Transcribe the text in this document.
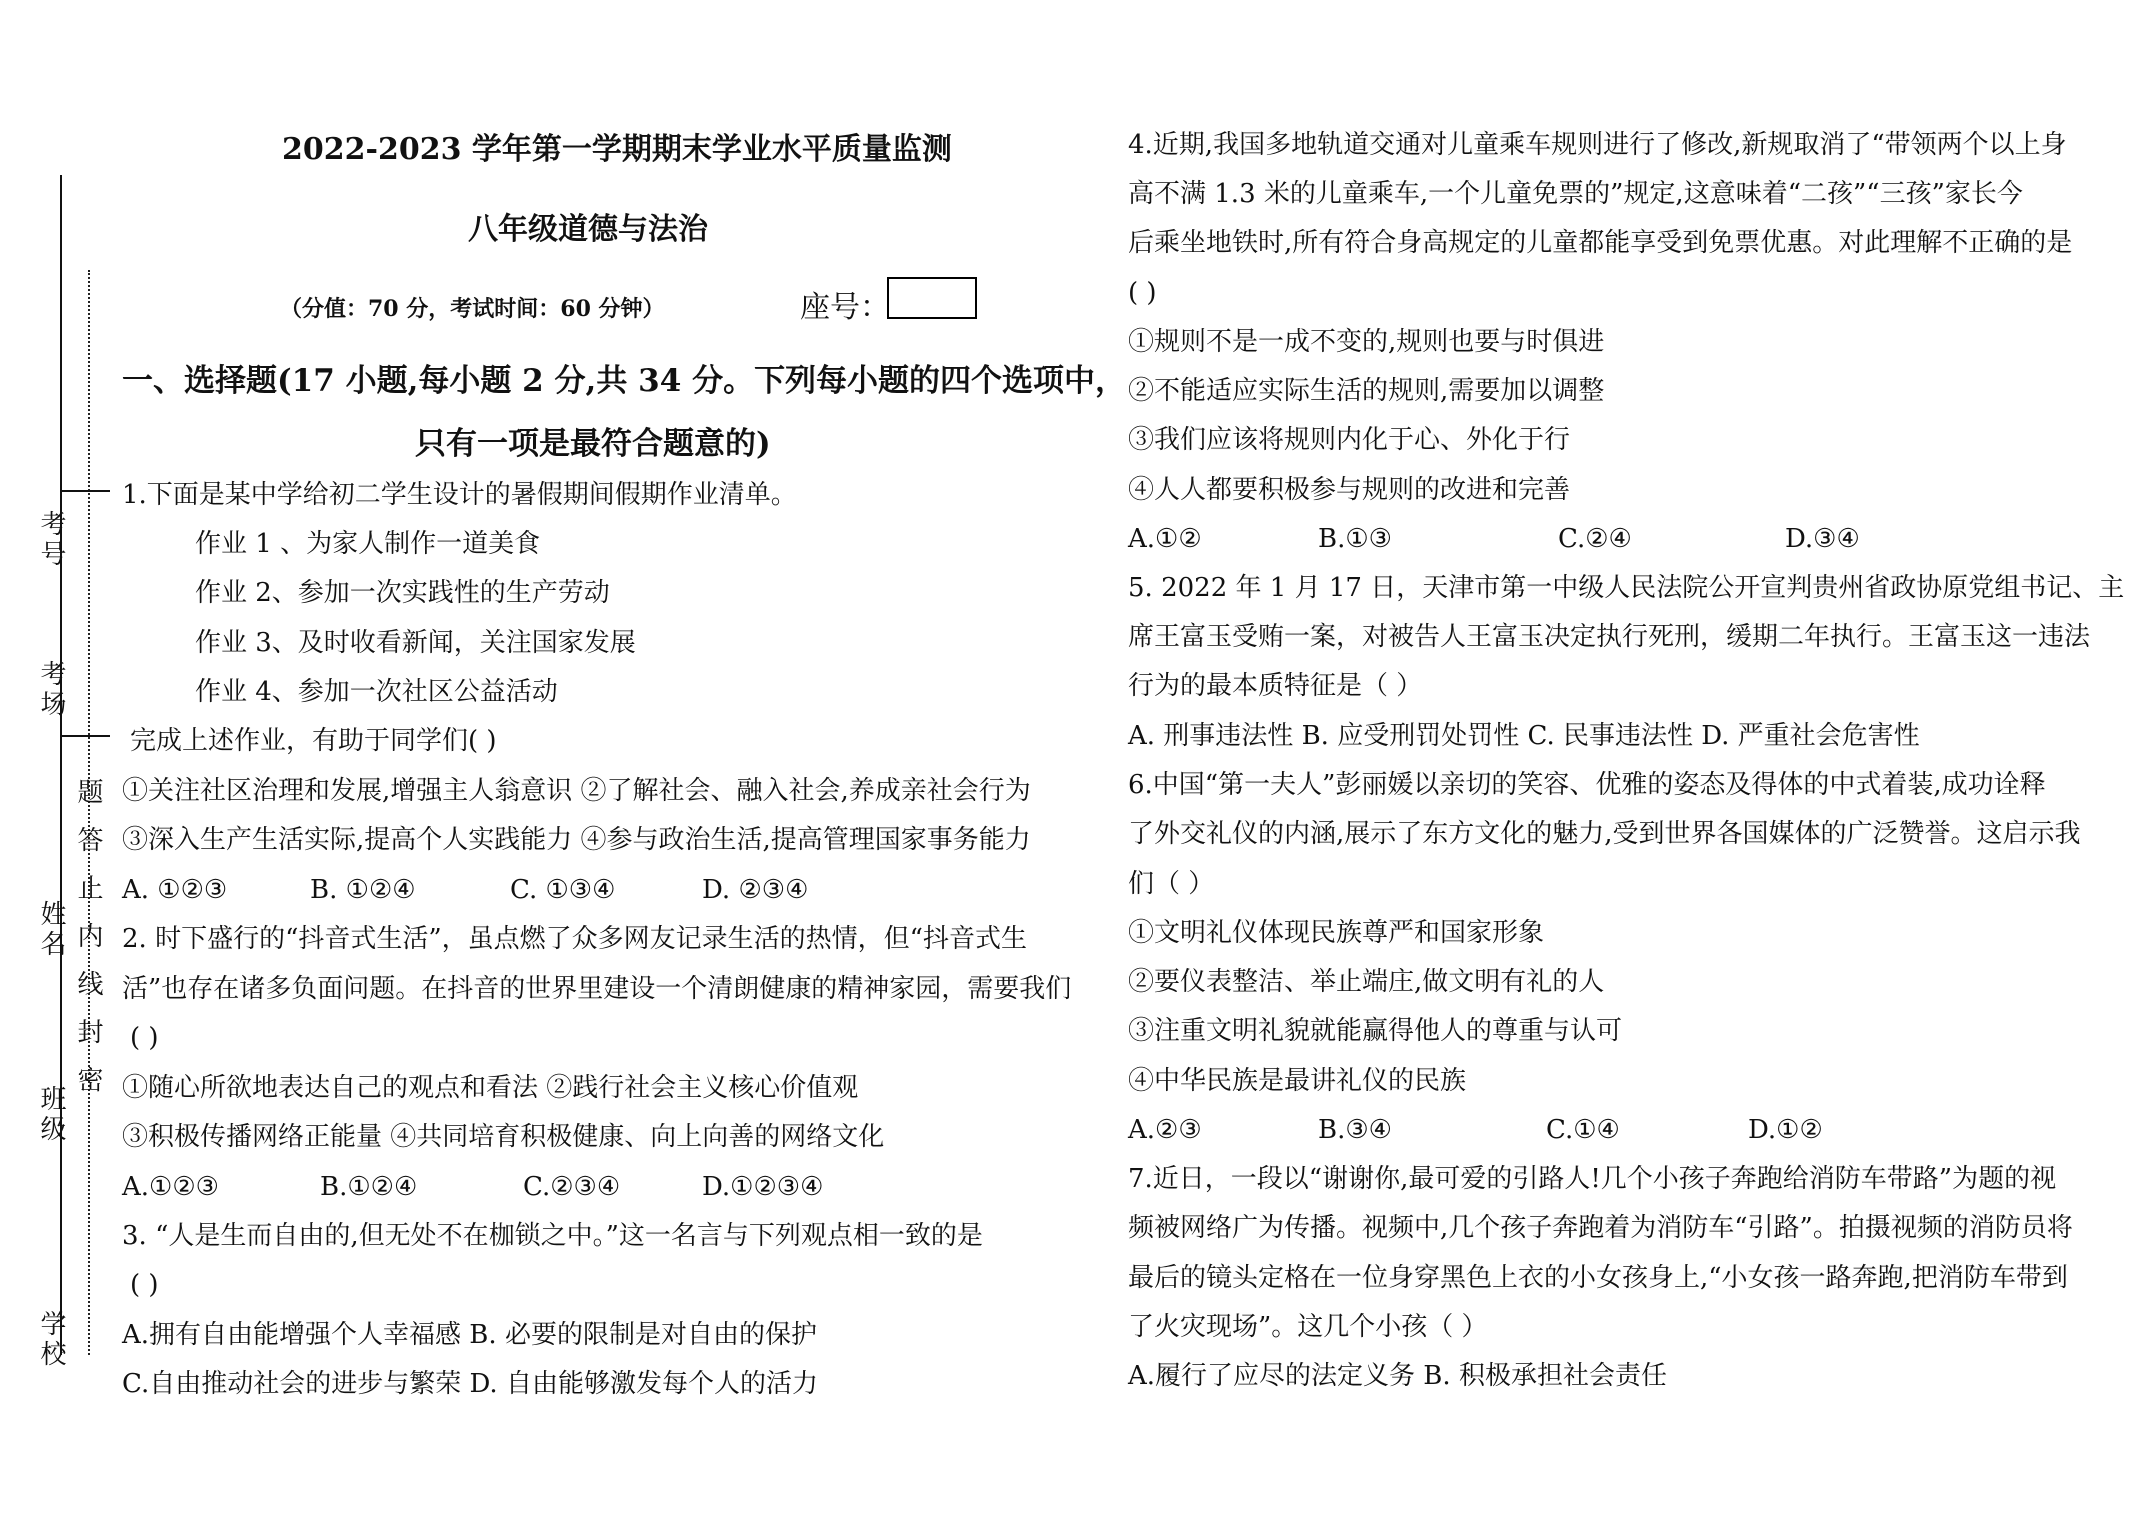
考号
考场
姓名
班级
学校
题
答
止
内
线
封
密
2022-2023 学年第一学期期末学业水平质量监测
八年级道德与法治
（分值：70 分，考试时间：60 分钟）	座号：
一、选择题(17 小题,每小题 2 分,共 34 分。下列每小题的四个选项中，
只有一项是最符合题意的)
1.下面是某中学给初二学生设计的暑假期间假期作业清单。
作业 1 、为家人制作一道美食
作业 2、参加一次实践性的生产劳动
作业 3、及时收看新闻，关注国家发展
作业 4、参加一次社区公益活动
完成上述作业，有助于同学们( )
①关注社区治理和发展,增强主人翁意识 ②了解社会、融入社会,养成亲社会行为
③深入生产生活实际,提高个人实践能力 ④参与政治生活,提高管理国家事务能力
A. ①②③	B. ①②④	C. ①③④	D. ②③④
2. 时下盛行的“抖音式生活”，虽点燃了众多网友记录生活的热情，但“抖音式生
活”也存在诸多负面问题。在抖音的世界里建设一个清朗健康的精神家园，需要我们
( )
①随心所欲地表达自己的观点和看法 ②践行社会主义核心价值观
③积极传播网络正能量 ④共同培育积极健康、向上向善的网络文化
A.①②③	B.①②④	C.②③④	D.①②③④
3. “人是生而自由的,但无处不在枷锁之中。”这一名言与下列观点相一致的是
( )
A.拥有自由能增强个人幸福感 B. 必要的限制是对自由的保护
C.自由推动社会的进步与繁荣 D. 自由能够激发每个人的活力
4.近期,我国多地轨道交通对儿童乘车规则进行了修改,新规取消了“带领两个以上身
高不满 1.3 米的儿童乘车,一个儿童免票的”规定,这意味着“二孩”“三孩”家长今
后乘坐地铁时,所有符合身高规定的儿童都能享受到免票优惠。对此理解不正确的是
( )
①规则不是一成不变的,规则也要与时俱进
②不能适应实际生活的规则,需要加以调整
③我们应该将规则内化于心、外化于行
④人人都要积极参与规则的改进和完善
A.①②	B.①③	C.②④	D.③④
5. 2022 年 1 月 17 日，天津市第一中级人民法院公开宣判贵州省政协原党组书记、主
席王富玉受贿一案，对被告人王富玉决定执行死刑，缓期二年执行。王富玉这一违法
行为的最本质特征是（ ）
A. 刑事违法性 B. 应受刑罚处罚性 C. 民事违法性 D. 严重社会危害性
6.中国“第一夫人”彭丽媛以亲切的笑容、优雅的姿态及得体的中式着装,成功诠释
了外交礼仪的内涵,展示了东方文化的魅力,受到世界各国媒体的广泛赞誉。这启示我
们（ ）
①文明礼仪体现民族尊严和国家形象
②要仪表整洁、举止端庄,做文明有礼的人
③注重文明礼貌就能赢得他人的尊重与认可
④中华民族是最讲礼仪的民族
A.②③	B.③④	C.①④	D.①②
7.近日，一段以“谢谢你,最可爱的引路人!几个小孩子奔跑给消防车带路”为题的视
频被网络广为传播。视频中,几个孩子奔跑着为消防车“引路”。拍摄视频的消防员将
最后的镜头定格在一位身穿黑色上衣的小女孩身上,“小女孩一路奔跑,把消防车带到
了火灾现场”。这几个小孩（ ）
A.履行了应尽的法定义务 B. 积极承担社会责任
